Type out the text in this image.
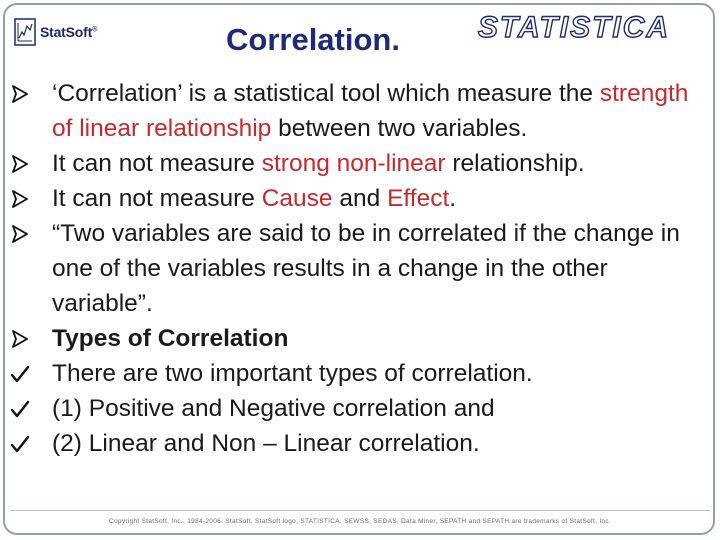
StatSoft®	Correlation.	STATISTICA
‘Correlation’ is a statistical tool which measure the strength of linear relationship between two variables.
It can not measure strong non-linear relationship.
It can not measure Cause and Effect.
“Two variables are said to be in correlated if the change in one of the variables results in a change in the other variable”.
Types of Correlation
There are two important types of correlation.
(1) Positive and Negative correlation and
(2) Linear and Non – Linear correlation.
Copyright StatSoft, Inc., 1984-2006. StatSoft, StatSoft logo, STATISTICA, SEWSS, SEDAS, Data Miner, SEPATH and SEPATH are trademarks of StatSoft, Inc.
